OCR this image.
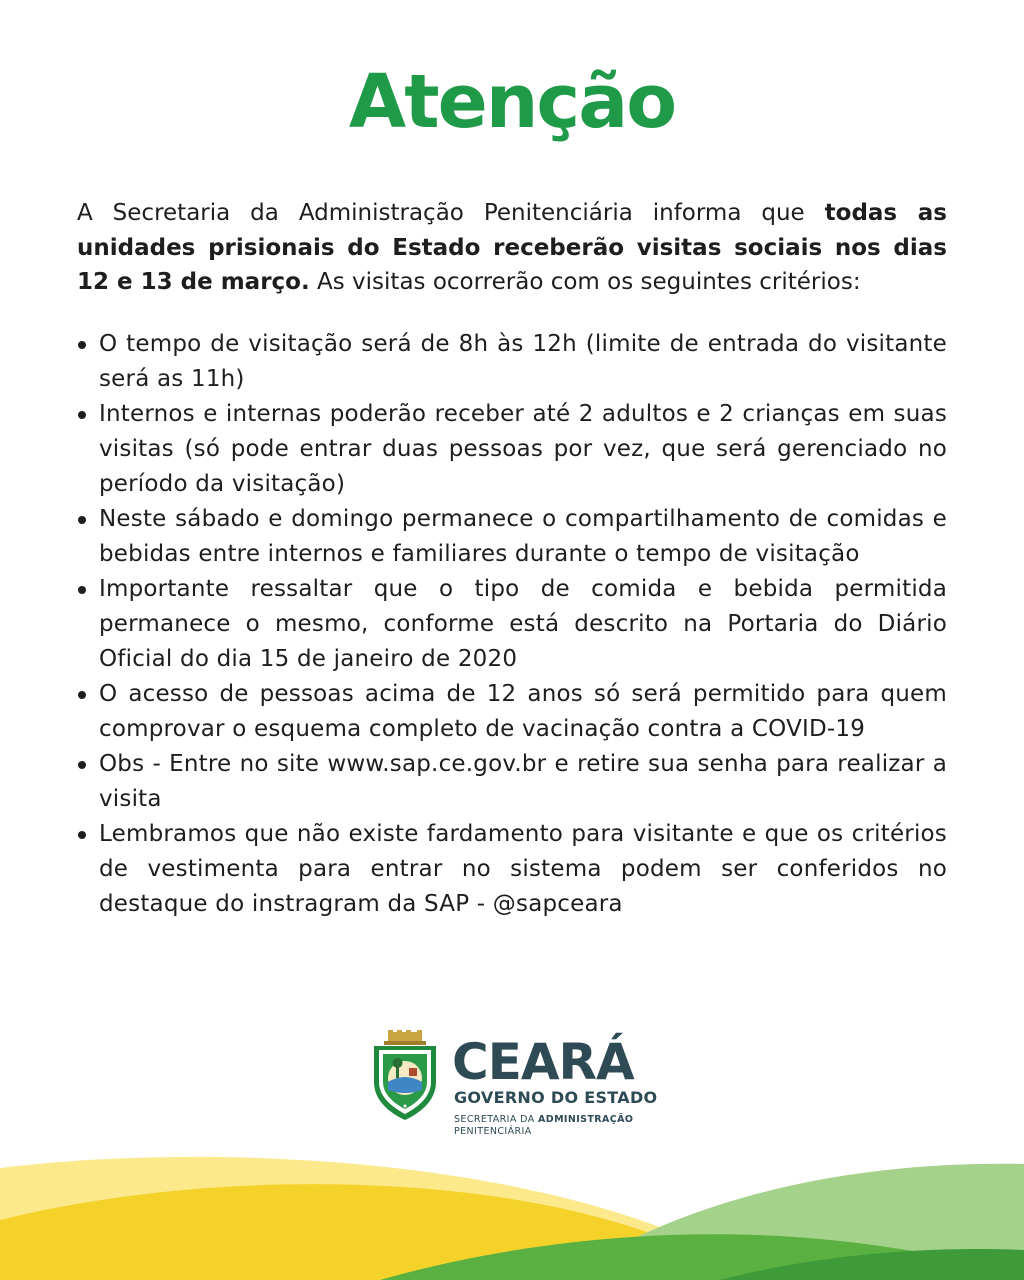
Atenção

A Secretaria da Administração Penitenciária informa que todas as unidades prisionais do Estado receberão visitas sociais nos dias 12 e 13 de março. As visitas ocorrerão com os seguintes critérios:

O tempo de visitação será de 8h às 12h (limite de entrada do visitante será as 11h)
Internos e internas poderão receber até 2 adultos e 2 crianças em suas visitas (só pode entrar duas pessoas por vez, que será gerenciado no período da visitação)
Neste sábado e domingo permanece o compartilhamento de comidas e bebidas entre internos e familiares durante o tempo de visitação
Importante ressaltar que o tipo de comida e bebida permitida permanece o mesmo, conforme está descrito na Portaria do Diário Oficial do dia 15 de janeiro de 2020
O acesso de pessoas acima de 12 anos só será permitido para quem comprovar o esquema completo de vacinação contra a COVID-19
Obs - Entre no site www.sap.ce.gov.br e retire sua senha para realizar a visita
Lembramos que não existe fardamento para visitante e que os critérios de vestimenta para entrar no sistema podem ser conferidos no destaque do instragram da SAP - @sapceara

CEARÁ

GOVERNO DO ESTADO
SECRETARIA DA ADMINISTRAÇÃO
PENITENCIÁRIA
